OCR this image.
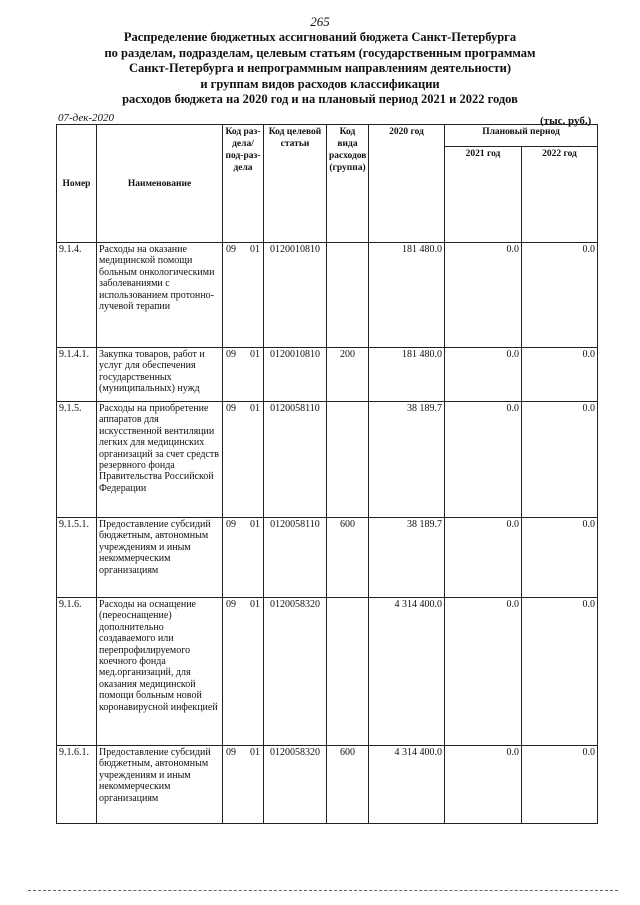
265
Распределение бюджетных ассигнований бюджета Санкт-Петербурга
по разделам, подразделам, целевым статьям (государственным программам
Санкт-Петербурга и непрограммным направлениям деятельности)
и группам видов расходов классификации
расходов бюджета на 2020 год и на плановый период 2021 и 2022 годов
07-дек-2020	(тыс. руб.)
Номер	Наименование	Код раз-дела/ под-раз-дела	Код целевой статьи	Код вида расходов (группа)	2020 год	Плановый период	
						2021 год	2022 год
9.1.4.	Расходы на оказание медицинской помощи больным онкологическими заболеваниями с использованием протонно-лучевой терапии	09 01	0120010810		181 480.0	0.0	0.0
9.1.4.1.	Закупка товаров, работ и услуг для обеспечения государственных (муниципальных) нужд	09 01	0120010810	200	181 480.0	0.0	0.0
9.1.5.	Расходы на приобретение аппаратов для искусственной вентиляции легких для медицинских организаций за счет средств резервного фонда Правительства Российской Федерации	09 01	0120058110		38 189.7	0.0	0.0
9.1.5.1.	Предоставление субсидий бюджетным, автономным учреждениям и иным некоммерческим организациям	09 01	0120058110	600	38 189.7	0.0	0.0
9.1.6.	Расходы на оснащение (переоснащение) дополнительно создаваемого или перепрофилируемого коечного фонда мед.организаций, для оказания медицинской помощи больным новой коронавирусной инфекцией	09 01	0120058320		4 314 400.0	0.0	0.0
9.1.6.1.	Предоставление субсидий бюджетным, автономным учреждениям и иным некоммерческим организациям	09 01	0120058320	600	4 314 400.0	0.0	0.0
